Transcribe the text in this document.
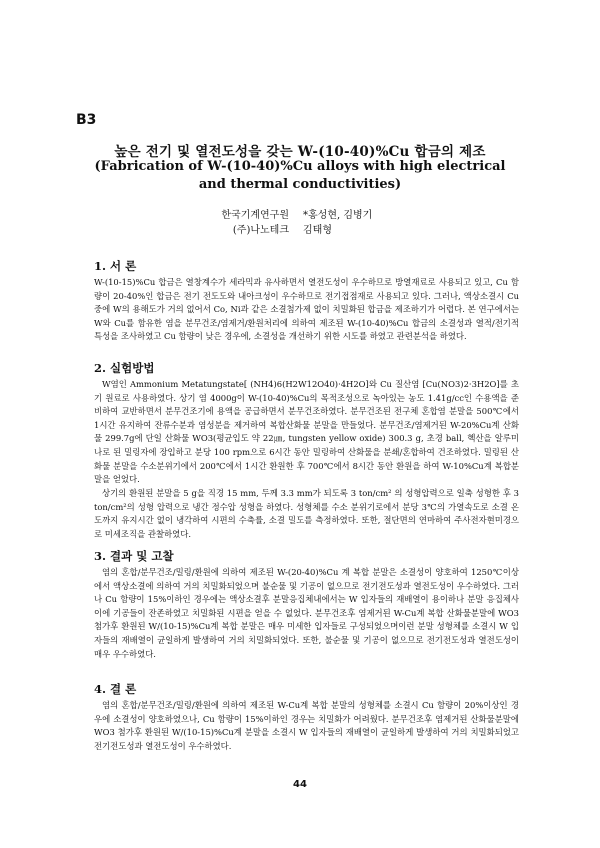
B3
높은 전기 및 열전도성을 갖는 W-(10-40)%Cu 합금의 제조
(Fabrication of W-(10-40)%Cu alloys with high electrical
and thermal conductivities)
한국기계연구원 *홍성현, 김병기
(주)나노테크 김태형
1. 서 론

W-(10-15)%Cu 합금은 열창계수가 세라믹과 유사하면서 열전도성이 우수하므로 방열재료로 사용되고 있고, Cu 함량이 20-40%인 합금은 전기 전도도와 내아크성이 우수하므로 전기접점재로 사용되고 있다. 그러나, 액상소결시 Cu중에 W의 용해도가 거의 없어서 Co, Ni과 같은 소결첨가제 없이 치밀화된 합금을 제조하기가 어렵다. 본 연구에서는 W와 Cu를 함유한 염을 분무건조/염제거/환원처리에 의하여 제조된 W-(10-40)%Cu 합금의 소결성과 열적/전기적 특성을 조사하였고 Cu 함량이 낮은 경우에, 소결성을 개선하기 위한 시도를 하였고 관련분석을 하였다.

2. 실험방법

W염인 Ammonium Metatungstate[ (NH4)6(H2W12O40)·4H2O]와 Cu 질산염 [Cu(NO3)2·3H2O]를 초기 원료로 사용하였다. 상기 염 4000g이 W-(10-40)%Cu의 목적조성으로 녹아있는 농도 1.41g/cc인 수용액을 준비하여 교반하면서 분무건조기에 용액을 공급하면서 분무건조하였다. 분무건조된 전구체 혼합염 분말을 500℃에서 1시간 유지하여 잔류수분과 염성분을 제거하여 복합산화물 분말을 만들었다. 분무건조/염제거된 W-20%Cu계 산화물 299.7g에 단일 산화물 WO3(평균입도 약 22㎛, tungsten yellow oxide) 300.3 g, 초경 ball, 헥산을 알루미나로 된 밀링자에 장입하고 분당 100 rpm으로 6시간 동안 밀링하여 산화물을 분쇄/혼합하여 건조하였다. 밀링된 산화물 분말을 수소분위기에서 200℃에서 1시간 환원한 후 700℃에서 8시간 동안 환원을 하여 W-10%Cu계 복합분말을 얻었다.

상기의 환원된 분말을 5 g을 직경 15 mm, 두께 3.3 mm가 되도록 3 ton/cm² 의 성형압력으로 일축 성형한 후 3 ton/cm²의 성형 압력으로 냉간 정수압 성형을 하였다. 성형체를 수소 분위기로에서 분당 3℃의 가열속도로 소결 온도까지 유지시간 없이 냉각하여 시편의 수축률, 소결 밀도를 측정하였다. 또한, 절단면의 연마하여 주사전자현미경으로 미세조직을 관찰하였다.

3. 결과 및 고찰

염의 혼합/분무건조/밀링/환원에 의하여 제조된 W-(20-40)%Cu 계 복합 분말은 소결성이 양호하여 1250℃이상에서 액상소결에 의하여 거의 치밀화되었으며 불순물 및 기공이 없으므로 전기전도성과 열전도성이 우수하였다. 그러나 Cu 함량이 15%이하인 경우에는 액상소결후 분말응집체내에서는 W 입자들의 재배열이 용이하나 분말 응집체사이에 기공들이 잔존하였고 치밀화된 시편을 얻을 수 없었다. 분무건조후 염제거된 W-Cu계 복합 산화물분말에 WO3 첨가후 환원된 W/(10-15)%Cu계 복합 분말은 매우 미세한 입자들로 구성되었으며이런 분말 성형체를 소결시 W 입자들의 재배열이 균일하게 발생하여 거의 치밀화되었다. 또한, 불순물 및 기공이 없으므로 전기전도성과 열전도성이 매우 우수하였다.

4. 결 론

염의 혼합/분무건조/밀링/환원에 의하여 제조된 W-Cu계 복합 분말의 성형체를 소결시 Cu 함량이 20%이상인 경우에 소결성이 양호하였으나, Cu 함량이 15%이하인 경우는 치밀화가 어려웠다. 분무건조후 염제거된 산화물분말에 WO3 첨가후 환원된 W/(10-15)%Cu계 분말을 소결시 W 입자들의 재배열이 균일하게 발생하여 거의 치밀화되었고 전기전도성과 열전도성이 우수하였다.

44
